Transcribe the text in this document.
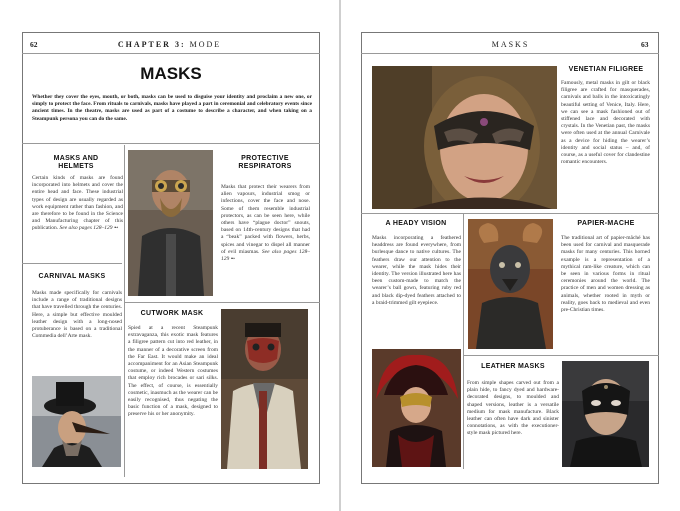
62	CHAPTER 3: MODE
MASKS
Whether they cover the eyes, mouth, or both, masks can be used to disguise your identity and proclaim a new one, or simply to protect the face. From rituals to carnivals, masks have played a part in ceremonial and celebratory events since ancient times. In the theatre, masks are used as part of a costume to describe a character, and when taking on a Steampunk persona you can do the same.
MASKS AND HELMETS
Certain kinds of masks are found incorporated into helmets and cover the entire head and face. These industrial types of design are usually regarded as work equipment rather than fashion, and are therefore to be found in the Science and Manufacturing chapter of this publication. See also pages 128–129 ➻
CARNIVAL MASKS
Masks made specifically for carnivals include a range of traditional designs that have travelled through the centuries. Here, a simple but effective moulded leather design with a long-nosed protuberance is based on a traditional Commedia dell’Arte mask.
PROTECTIVE RESPIRATORS
Masks that protect their wearers from alien vapours, industrial smog or infections, cover the face and nose. Some of them resemble industrial protectors, as can be seen here, while others have “plague doctor” snouts, based on 14th-century designs that had a “beak” packed with flowers, herbs, spices and vinegar to dispel all manner of evil miasmas. See also pages 128–129 ➻
CUTWORK MASK
Spied at a recent Steampunk extravaganza, this exotic mask features a filigree pattern cut into red leather, in the manner of a decorative screen from the Far East. It would make an ideal accompaniment for an Asian Steampunk costume, or indeed Western costumes that employ rich brocades or sari silks. The effect, of course, is essentially cosmetic, inasmuch as the wearer can be easily recognised, thus negating the basic function of a mask, designed to preserve his or her anonymity.
MASKS	63
VENETIAN FILIGREE
Famously, metal masks in gilt or black filigree are crafted for masquerades, carnivals and balls in the intoxicatingly beautiful setting of Venice, Italy. Here, we can see a mask fashioned out of stiffened lace and decorated with crystals. In the Venetian past, the masks were often used at the annual Carnivale as a device for hiding the wearer’s identity and social status – and, of course, as a useful cover for clandestine romantic encounters.
A HEADY VISION
Masks incorporating a feathered headdress are found everywhere, from burlesque dance to native cultures. The feathers draw our attention to the wearer, while the mask hides their identity. The version illustrated here has been custom-made to match the wearer’s ball gown, featuring ruby red and black dip-dyed feathers attached to a braid-trimmed gilt eyepiece.
PAPIER-MACHE
The traditional art of papier-mâché has been used for carnival and masquerade masks for many centuries. This horned example is a representation of a mythical ram-like creature, which can be seen in various forms in ritual ceremonies around the world. The practice of men and women dressing as animals, whether rooted in myth or reality, goes back to medieval and even pre-Christian times.
LEATHER MASKS
From simple shapes carved out from a plain hide, to fancy dyed and hardware-decorated designs, to moulded and shaped versions, leather is a versatile medium for mask manufacture. Black leather can often have dark and sinister connotations, as with the executioner-style mask pictured here.
